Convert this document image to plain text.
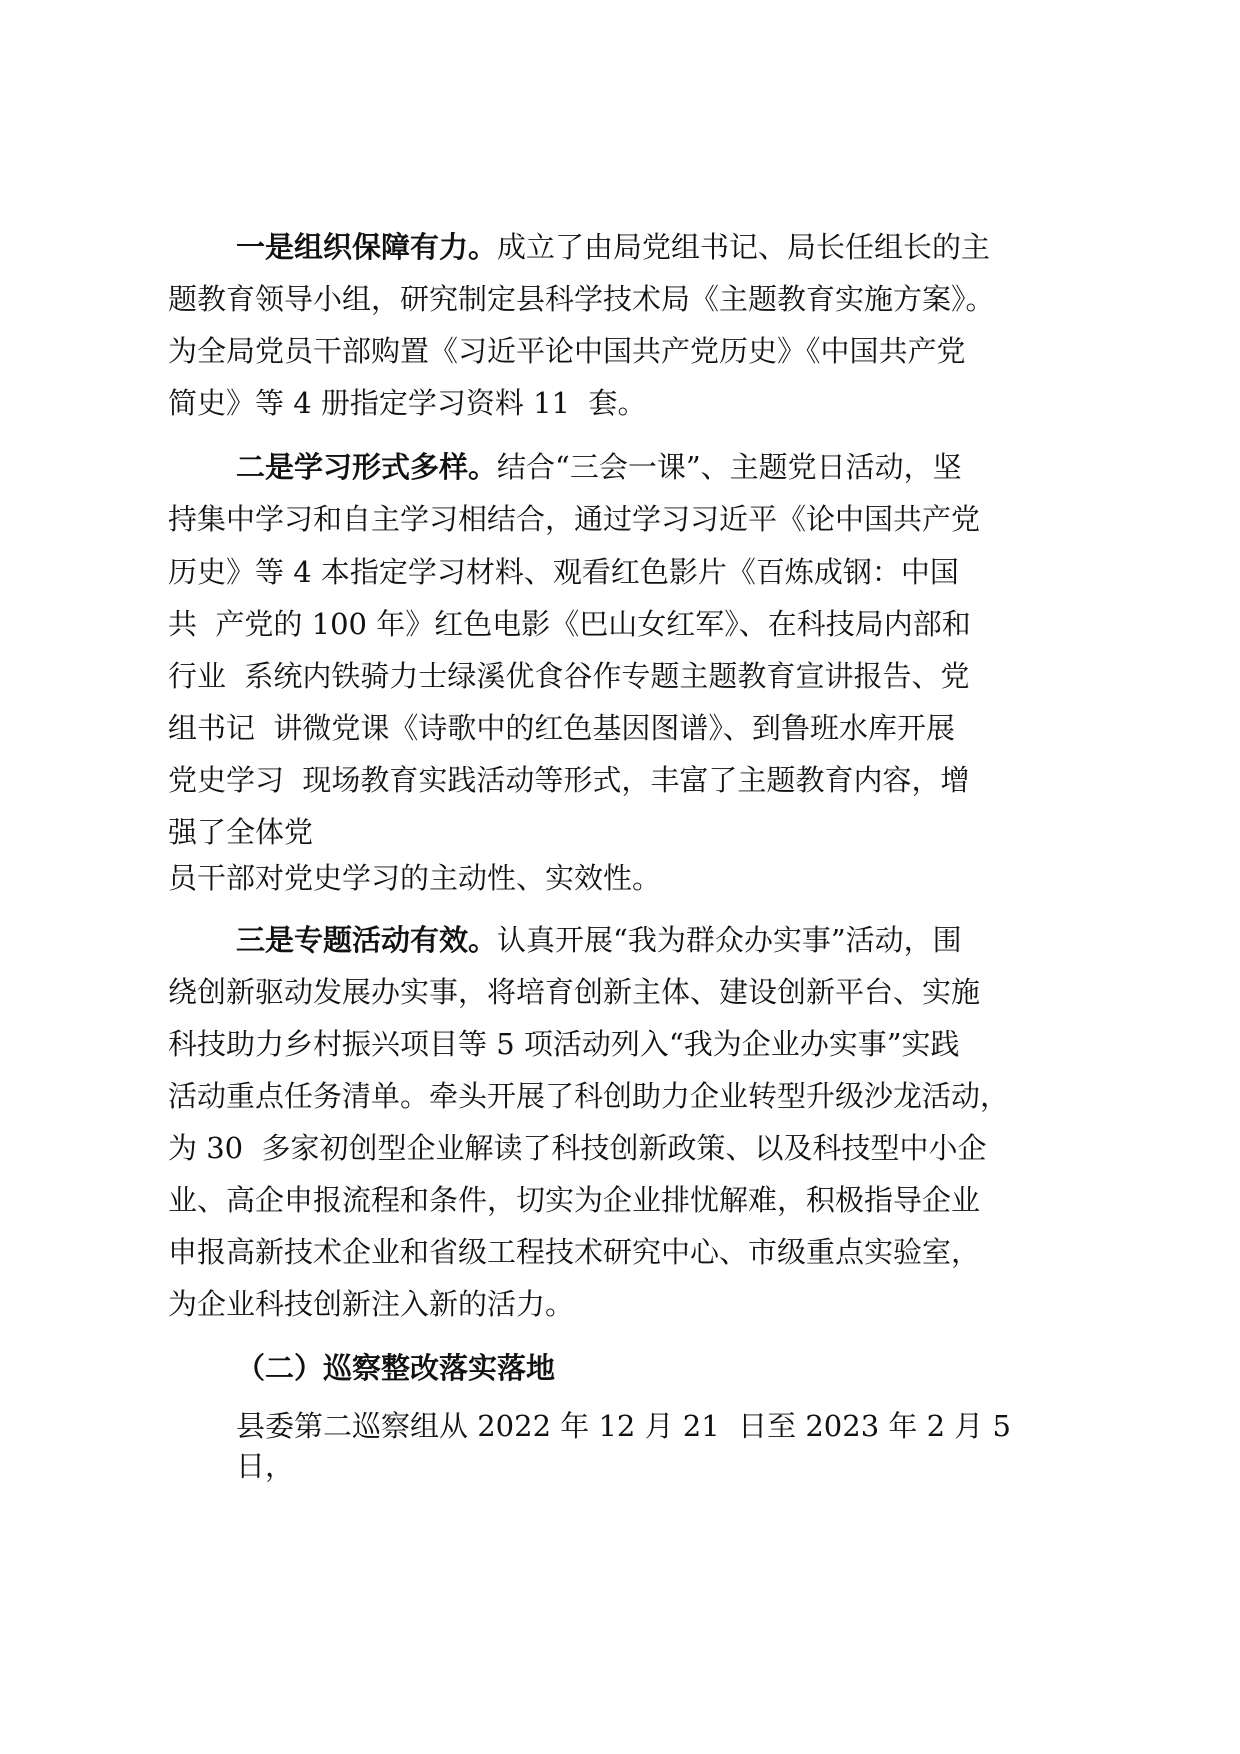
一是组织保障有力。成立了由局党组书记、局长任组长的主
题教育领导小组，研究制定县科学技术局《主题教育实施方案》。
为全局党员干部购置《习近平论中国共产党历史》《中国共产党
简史》等 4 册指定学习资料 11  套。
二是学习形式多样。结合“三会一课”、主题党日活动，坚
持集中学习和自主学习相结合，通过学习习近平《论中国共产党
历史》等 4 本指定学习材料、观看红色影片《百炼成钢：中国
共  产党的 100 年》红色电影《巴山女红军》、在科技局内部和
行业  系统内铁骑力士绿溪优食谷作专题主题教育宣讲报告、党
组书记  讲微党课《诗歌中的红色基因图谱》、到鲁班水库开展
党史学习  现场教育实践活动等形式，丰富了主题教育内容，增
强了全体党
员干部对党史学习的主动性、实效性。
三是专题活动有效。认真开展“我为群众办实事”活动，围
绕创新驱动发展办实事，将培育创新主体、建设创新平台、实施
科技助力乡村振兴项目等 5 项活动列入“我为企业办实事”实践
活动重点任务清单。牵头开展了科创助力企业转型升级沙龙活动，
为 30  多家初创型企业解读了科技创新政策、以及科技型中小企
业、高企申报流程和条件，切实为企业排忧解难，积极指导企业
申报高新技术企业和省级工程技术研究中心、市级重点实验室，
为企业科技创新注入新的活力。
（二）巡察整改落实落地
县委第二巡察组从 2022 年 12 月 21  日至 2023 年 2 月 5
日，
